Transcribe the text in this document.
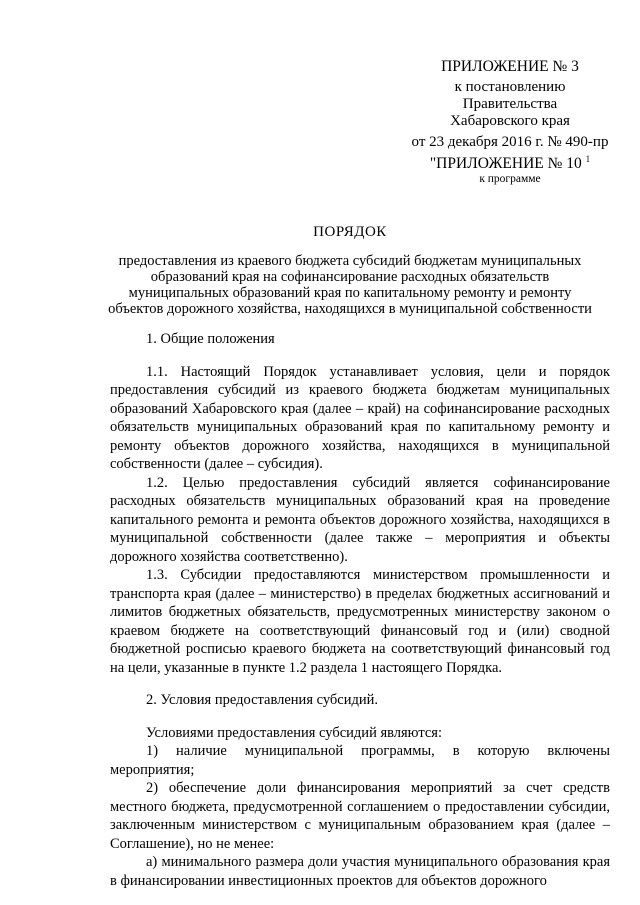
ПРИЛОЖЕНИЕ № 3
к постановлению
Правительства
Хабаровского края
от 23 декабря 2016 г. № 490-пр
"ПРИЛОЖЕНИЕ № 10 $^1$
к программе
ПОРЯДОК
предоставления из краевого бюджета субсидий бюджетам муниципальных образований края на софинансирование расходных обязательств муниципальных образований края по капитальному ремонту и ремонту объектов дорожного хозяйства, находящихся в муниципальной собственности

1. Общие положения

1.1. Настоящий Порядок устанавливает условия, цели и порядок предоставления субсидий из краевого бюджета бюджетам муниципальных образований Хабаровского края (далее – край) на софинансирование расходных обязательств муниципальных образований края по капитальному ремонту и ремонту объектов дорожного хозяйства, находящихся в муниципальной собственности (далее – субсидия).

1.2. Целью предоставления субсидий является софинансирование расходных обязательств муниципальных образований края на проведение капитального ремонта и ремонта объектов дорожного хозяйства, находящихся в муниципальной собственности (далее также – мероприятия и объекты дорожного хозяйства соответственно).

1.3. Субсидии предоставляются министерством промышленности и транспорта края (далее – министерство) в пределах бюджетных ассигнований и лимитов бюджетных обязательств, предусмотренных министерству законом о краевом бюджете на соответствующий финансовый год и (или) сводной бюджетной росписью краевого бюджета на соответствующий финансовый год на цели, указанные в пункте 1.2 раздела 1 настоящего Порядка.

2. Условия предоставления субсидий.

Условиями предоставления субсидий являются:

1) наличие муниципальной программы, в которую включены мероприятия;

2) обеспечение доли финансирования мероприятий за счет средств местного бюджета, предусмотренной соглашением о предоставлении субсидии, заключенным министерством с муниципальным образованием края (далее – Соглашение), но не менее:

а) минимального размера доли участия муниципального образования края в финансировании инвестиционных проектов для объектов дорожного
